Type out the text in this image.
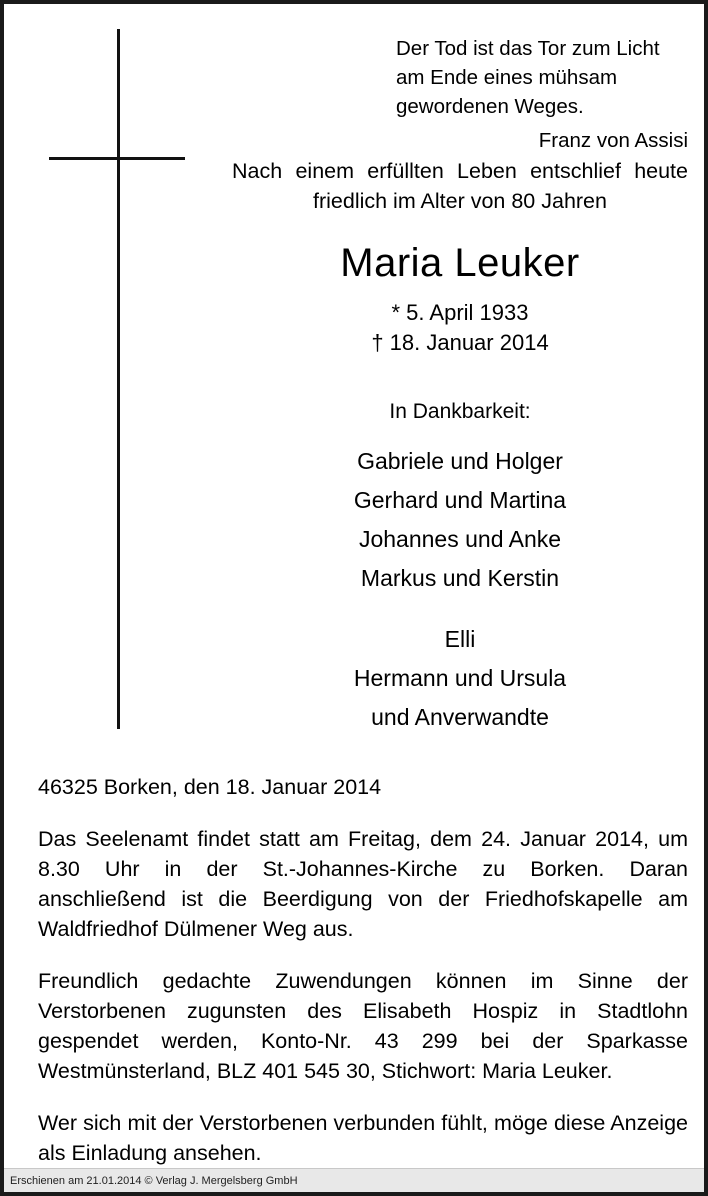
Der Tod ist das Tor zum Licht
am Ende eines mühsam
gewordenen Weges.
Franz von Assisi
Nach einem erfüllten Leben entschlief heute friedlich im Alter von 80 Jahren
Maria Leuker
* 5. April 1933
† 18. Januar 2014
In Dankbarkeit:
Gabriele und Holger
Gerhard und Martina
Johannes und Anke
Markus und Kerstin
Elli
Hermann und Ursula
und Anverwandte
46325 Borken, den 18. Januar 2014
Das Seelenamt findet statt am Freitag, dem 24. Januar 2014, um 8.30 Uhr in der St.-Johannes-Kirche zu Borken. Daran anschließend ist die Beerdigung von der Friedhofskapelle am Waldfriedhof Dülmener Weg aus.
Freundlich gedachte Zuwendungen können im Sinne der Verstorbenen zugunsten des Elisabeth Hospiz in Stadtlohn gespendet werden, Konto-Nr. 43 299 bei der Sparkasse Westmünsterland, BLZ 401 545 30, Stichwort: Maria Leuker.
Wer sich mit der Verstorbenen verbunden fühlt, möge diese Anzeige als Einladung ansehen.
Erschienen am 21.01.2014 © Verlag J. Mergelsberg GmbH
